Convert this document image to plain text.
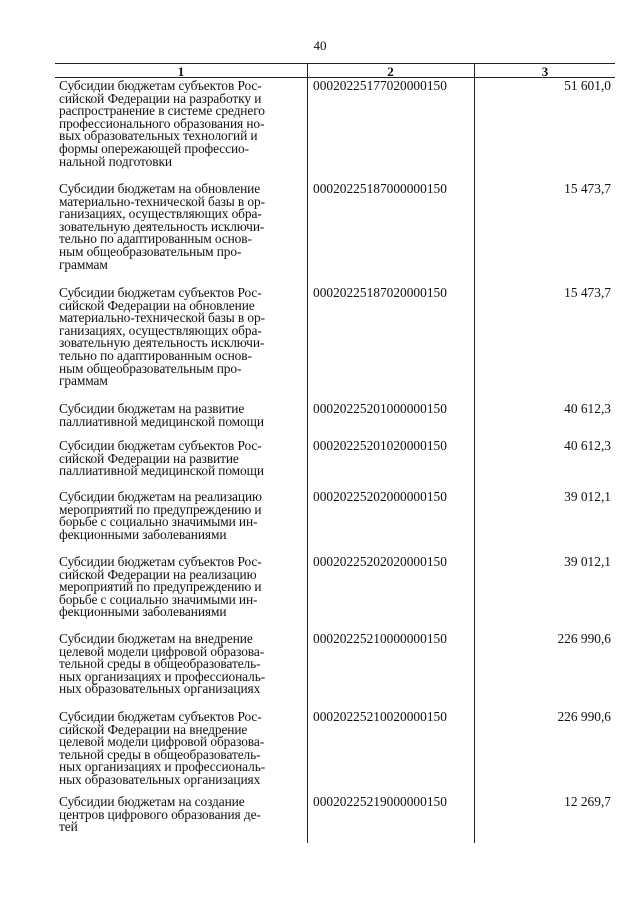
40
1	2	3
Субсидии бюджетам субъектов Рос-
сийской Федерации на разработку и
распространение в системе среднего
профессионального образования но-
вых образовательных технологий и
формы опережающей профессио-
нальной подготовки
00020225177020000150	51 601,0
Субсидии бюджетам на обновление
материально-технической базы в ор-
ганизациях, осуществляющих обра-
зовательную деятельность исключи-
тельно по адаптированным основ-
ным общеобразовательным про-
граммам
00020225187000000150	15 473,7
Субсидии бюджетам субъектов Рос-
сийской Федерации на обновление
материально-технической базы в ор-
ганизациях, осуществляющих обра-
зовательную деятельность исключи-
тельно по адаптированным основ-
ным общеобразовательным про-
граммам
00020225187020000150	15 473,7
Субсидии бюджетам на развитие
паллиативной медицинской помощи
00020225201000000150	40 612,3
Субсидии бюджетам субъектов Рос-
сийской Федерации на развитие
паллиативной медицинской помощи
00020225201020000150	40 612,3
Субсидии бюджетам на реализацию
мероприятий по предупреждению и
борьбе с социально значимыми ин-
фекционными заболеваниями
00020225202000000150	39 012,1
Субсидии бюджетам субъектов Рос-
сийской Федерации на реализацию
мероприятий по предупреждению и
борьбе с социально значимыми ин-
фекционными заболеваниями
00020225202020000150	39 012,1
Субсидии бюджетам на внедрение
целевой модели цифровой образова-
тельной среды в общеобразователь-
ных организациях и профессиональ-
ных образовательных организациях
00020225210000000150	226 990,6
Субсидии бюджетам субъектов Рос-
сийской Федерации на внедрение
целевой модели цифровой образова-
тельной среды в общеобразователь-
ных организациях и профессиональ-
ных образовательных организациях
00020225210020000150	226 990,6
Субсидии бюджетам на создание
центров цифрового образования де-
тей
00020225219000000150	12 269,7
